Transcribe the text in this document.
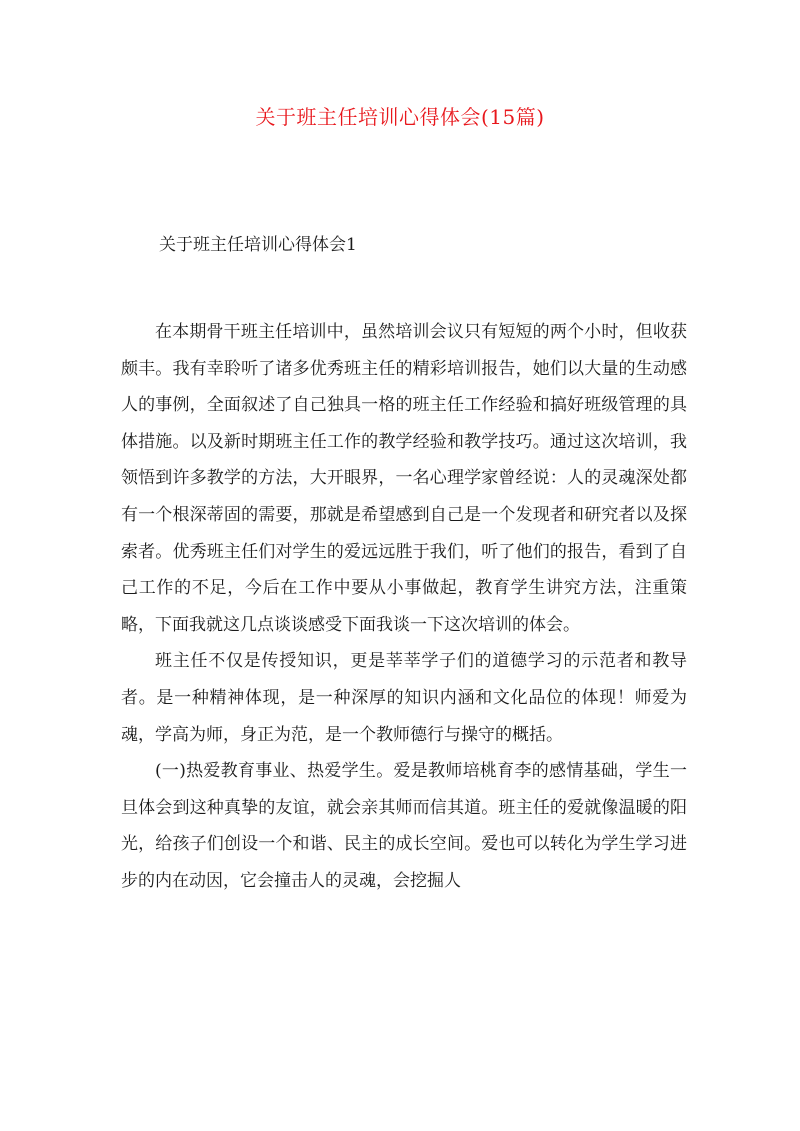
关于班主任培训心得体会(15篇)
关于班主任培训心得体会1

在本期骨干班主任培训中，虽然培训会议只有短短的两个小时，但收获颇丰。我有幸聆听了诸多优秀班主任的精彩培训报告，她们以大量的生动感人的事例，全面叙述了自己独具一格的班主任工作经验和搞好班级管理的具体措施。以及新时期班主任工作的教学经验和教学技巧。通过这次培训，我领悟到许多教学的方法，大开眼界，一名心理学家曾经说：人的灵魂深处都有一个根深蒂固的需要，那就是希望感到自己是一个发现者和研究者以及探索者。优秀班主任们对学生的爱远远胜于我们，听了他们的报告，看到了自己工作的不足，今后在工作中要从小事做起，教育学生讲究方法，注重策略，下面我就这几点谈谈感受下面我谈一下这次培训的体会。

班主任不仅是传授知识，更是莘莘学子们的道德学习的示范者和教导者。是一种精神体现，是一种深厚的知识内涵和文化品位的体现！师爱为魂，学高为师，身正为范，是一个教师德行与操守的概括。

(一)热爱教育事业、热爱学生。爱是教师培桃育李的感情基础，学生一旦体会到这种真挚的友谊，就会亲其师而信其道。班主任的爱就像温暖的阳光，给孩子们创设一个和谐、民主的成长空间。爱也可以转化为学生学习进步的内在动因，它会撞击人的灵魂，会挖掘人
